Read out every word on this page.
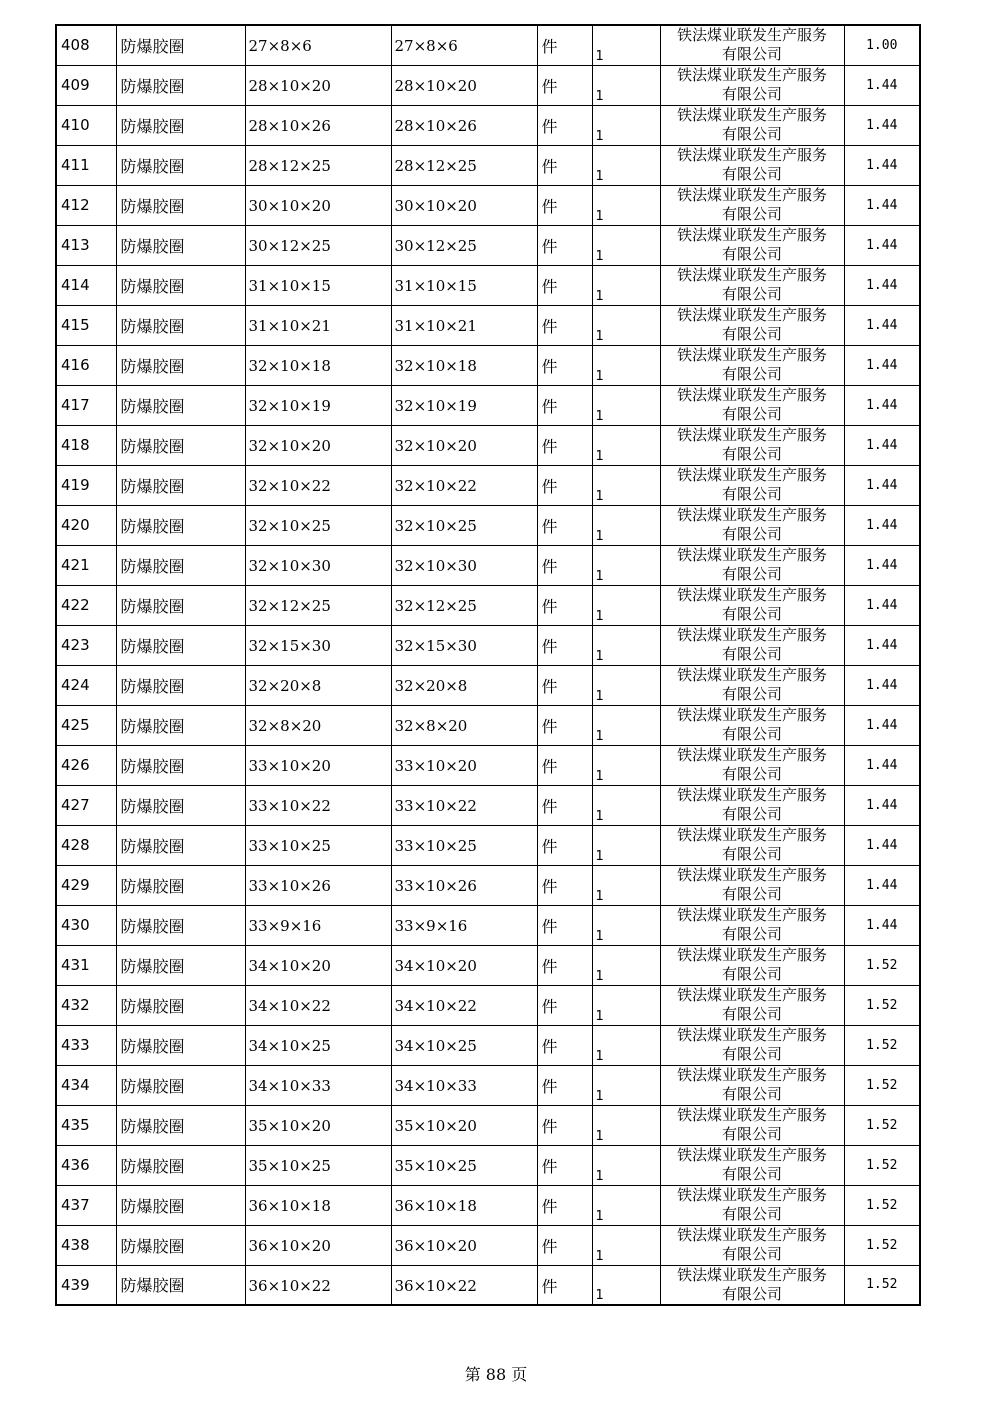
408	防爆胶圈	27×8×6	27×8×6	件	1	铁法煤业联发生产服务
有限公司	1.00
409	防爆胶圈	28×10×20	28×10×20	件	1	铁法煤业联发生产服务
有限公司	1.44
410	防爆胶圈	28×10×26	28×10×26	件	1	铁法煤业联发生产服务
有限公司	1.44
411	防爆胶圈	28×12×25	28×12×25	件	1	铁法煤业联发生产服务
有限公司	1.44
412	防爆胶圈	30×10×20	30×10×20	件	1	铁法煤业联发生产服务
有限公司	1.44
413	防爆胶圈	30×12×25	30×12×25	件	1	铁法煤业联发生产服务
有限公司	1.44
414	防爆胶圈	31×10×15	31×10×15	件	1	铁法煤业联发生产服务
有限公司	1.44
415	防爆胶圈	31×10×21	31×10×21	件	1	铁法煤业联发生产服务
有限公司	1.44
416	防爆胶圈	32×10×18	32×10×18	件	1	铁法煤业联发生产服务
有限公司	1.44
417	防爆胶圈	32×10×19	32×10×19	件	1	铁法煤业联发生产服务
有限公司	1.44
418	防爆胶圈	32×10×20	32×10×20	件	1	铁法煤业联发生产服务
有限公司	1.44
419	防爆胶圈	32×10×22	32×10×22	件	1	铁法煤业联发生产服务
有限公司	1.44
420	防爆胶圈	32×10×25	32×10×25	件	1	铁法煤业联发生产服务
有限公司	1.44
421	防爆胶圈	32×10×30	32×10×30	件	1	铁法煤业联发生产服务
有限公司	1.44
422	防爆胶圈	32×12×25	32×12×25	件	1	铁法煤业联发生产服务
有限公司	1.44
423	防爆胶圈	32×15×30	32×15×30	件	1	铁法煤业联发生产服务
有限公司	1.44
424	防爆胶圈	32×20×8	32×20×8	件	1	铁法煤业联发生产服务
有限公司	1.44
425	防爆胶圈	32×8×20	32×8×20	件	1	铁法煤业联发生产服务
有限公司	1.44
426	防爆胶圈	33×10×20	33×10×20	件	1	铁法煤业联发生产服务
有限公司	1.44
427	防爆胶圈	33×10×22	33×10×22	件	1	铁法煤业联发生产服务
有限公司	1.44
428	防爆胶圈	33×10×25	33×10×25	件	1	铁法煤业联发生产服务
有限公司	1.44
429	防爆胶圈	33×10×26	33×10×26	件	1	铁法煤业联发生产服务
有限公司	1.44
430	防爆胶圈	33×9×16	33×9×16	件	1	铁法煤业联发生产服务
有限公司	1.44
431	防爆胶圈	34×10×20	34×10×20	件	1	铁法煤业联发生产服务
有限公司	1.52
432	防爆胶圈	34×10×22	34×10×22	件	1	铁法煤业联发生产服务
有限公司	1.52
433	防爆胶圈	34×10×25	34×10×25	件	1	铁法煤业联发生产服务
有限公司	1.52
434	防爆胶圈	34×10×33	34×10×33	件	1	铁法煤业联发生产服务
有限公司	1.52
435	防爆胶圈	35×10×20	35×10×20	件	1	铁法煤业联发生产服务
有限公司	1.52
436	防爆胶圈	35×10×25	35×10×25	件	1	铁法煤业联发生产服务
有限公司	1.52
437	防爆胶圈	36×10×18	36×10×18	件	1	铁法煤业联发生产服务
有限公司	1.52
438	防爆胶圈	36×10×20	36×10×20	件	1	铁法煤业联发生产服务
有限公司	1.52
439	防爆胶圈	36×10×22	36×10×22	件	1	铁法煤业联发生产服务
有限公司	1.52
第 88 页
